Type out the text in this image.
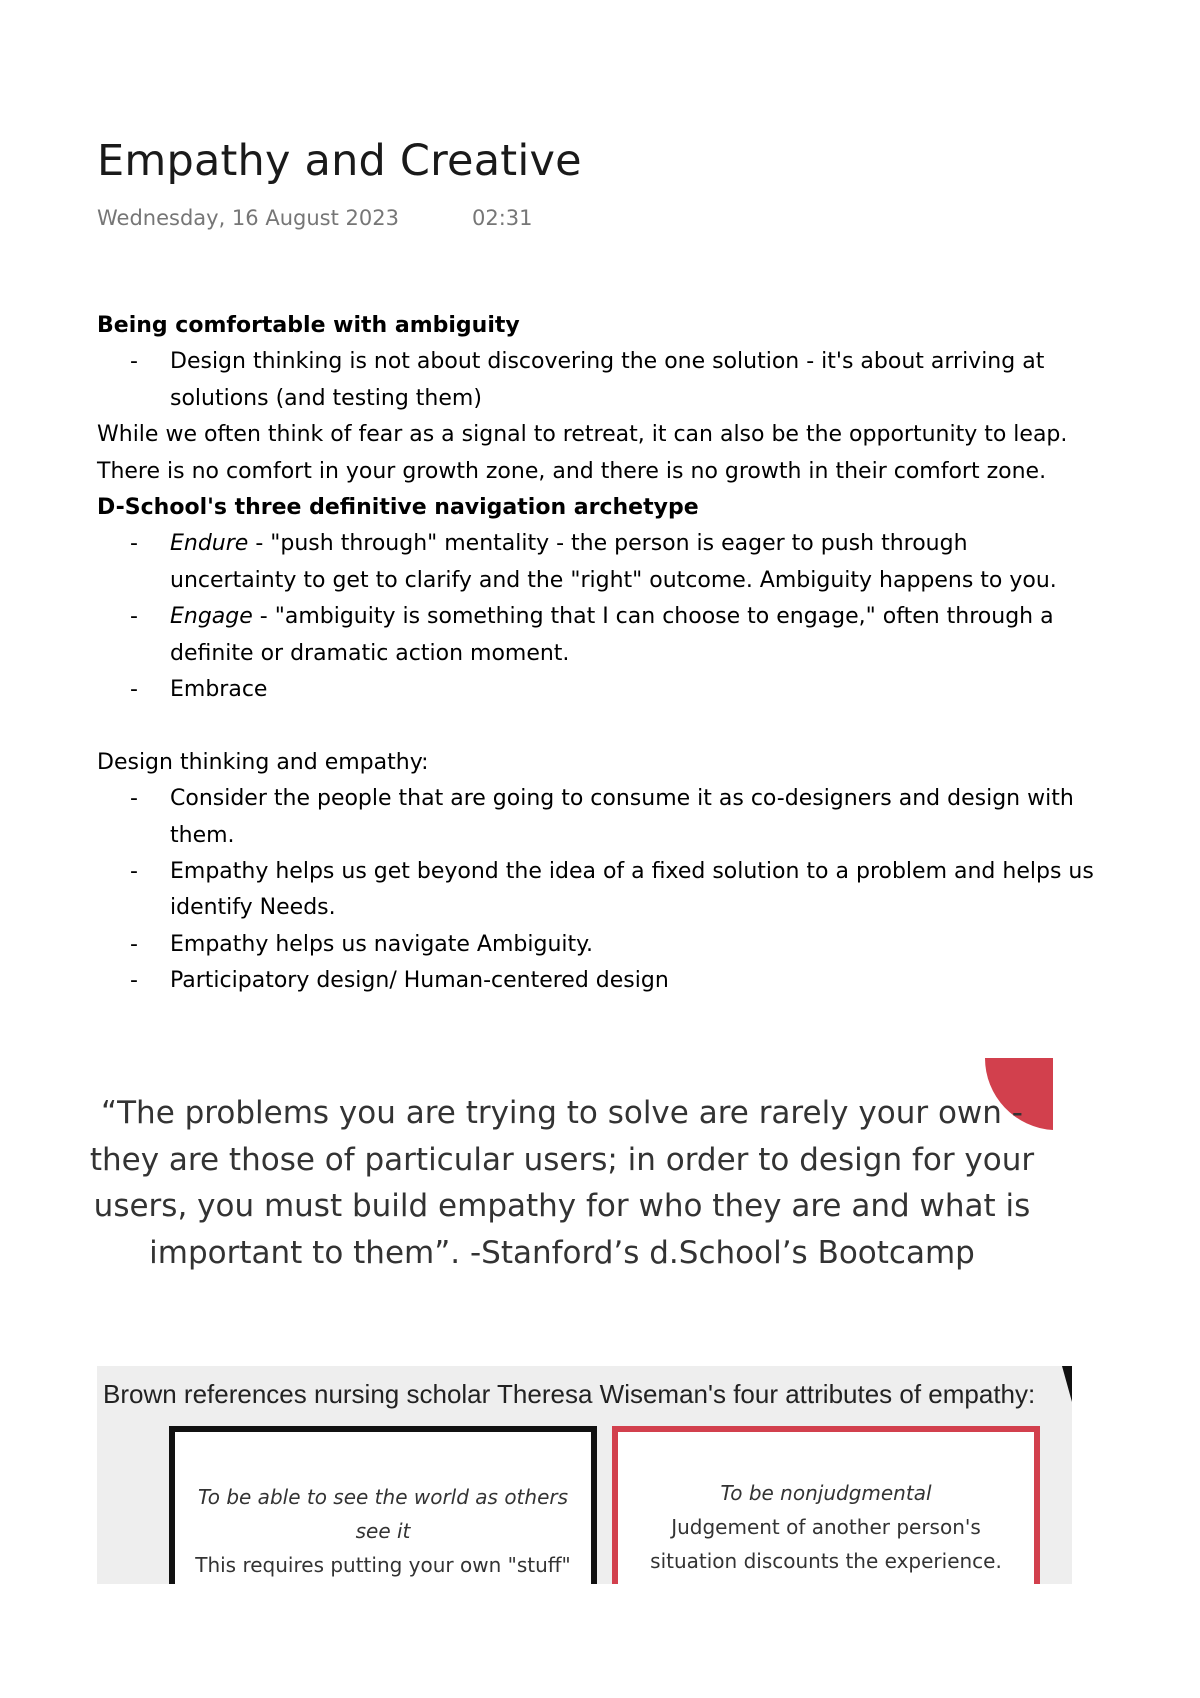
Empathy and Creative
Wednesday, 16 August 2023	02:31
Being comfortable with ambiguity
- Design thinking is not about discovering the one solution - it's about arriving at
solutions (and testing them)
While we often think of fear as a signal to retreat, it can also be the opportunity to leap.
There is no comfort in your growth zone, and there is no growth in their comfort zone.
D-School's three definitive navigation archetype
- Endure - "push through" mentality - the person is eager to push through
uncertainty to get to clarify and the "right" outcome. Ambiguity happens to you.
- Engage - "ambiguity is something that I can choose to engage," often through a
definite or dramatic action moment.
- Embrace
Design thinking and empathy:
- Consider the people that are going to consume it as co-designers and design with
them.
- Empathy helps us get beyond the idea of a fixed solution to a problem and helps us
identify Needs.
- Empathy helps us navigate Ambiguity.
- Participatory design/ Human-centered design
“The problems you are trying to solve are rarely your own -
they are those of particular users; in order to design for your
users, you must build empathy for who they are and what is
important to them”. -Stanford’s d.School’s Bootcamp
Brown references nursing scholar Theresa Wiseman's four attributes of empathy:
To be able to see the world as others
see it
This requires putting your own "stuff"
To be nonjudgmental
Judgement of another person's
situation discounts the experience.
